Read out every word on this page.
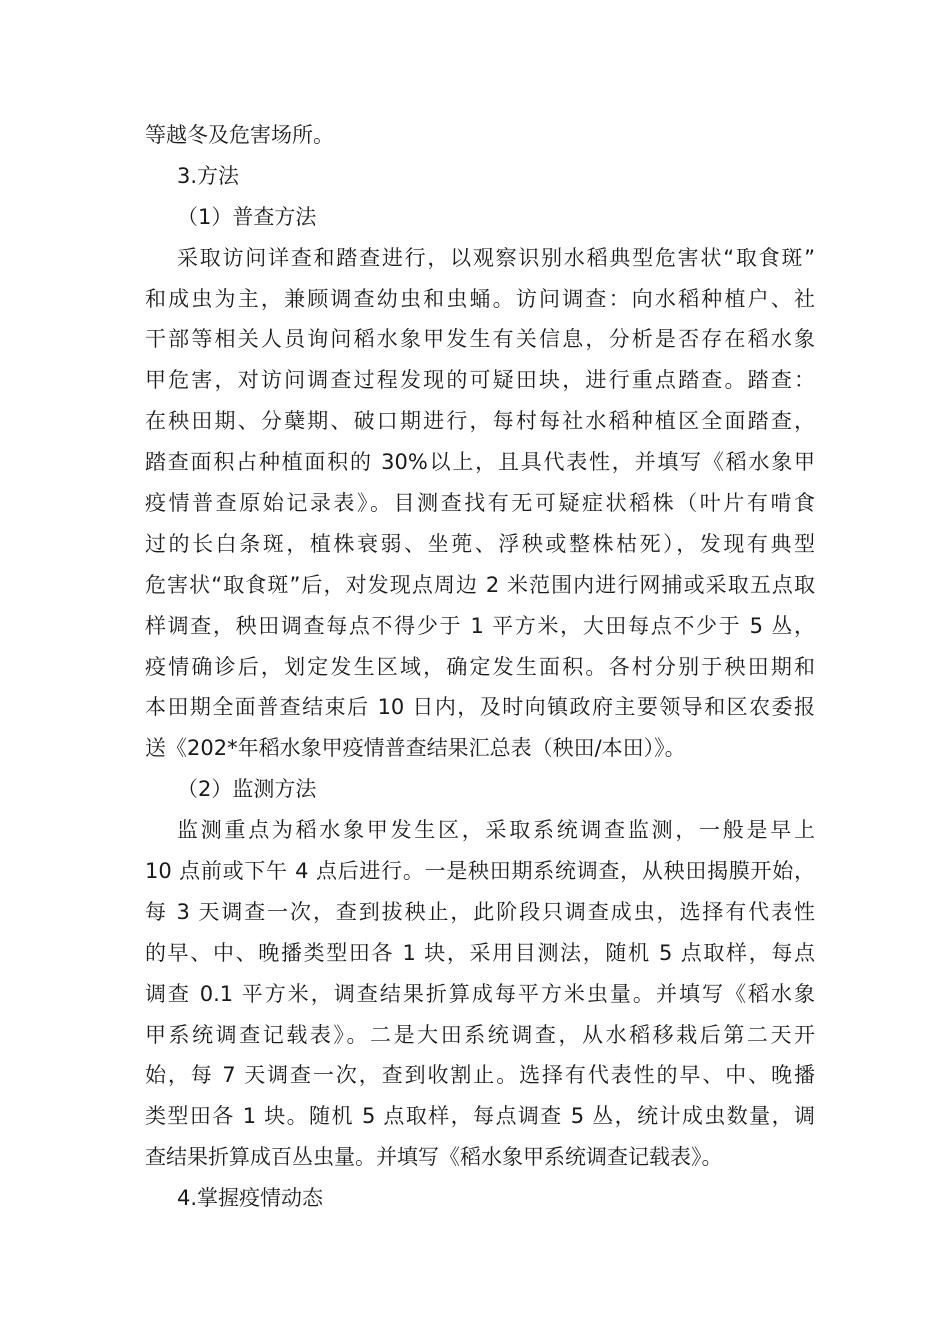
等越冬及危害场所。
3.方法
（1）普查方法
采取访问详查和踏查进行，以观察识别水稻典型危害状“取食斑”
和成虫为主，兼顾调查幼虫和虫蛹。访问调查：向水稻种植户、社
干部等相关人员询问稻水象甲发生有关信息，分析是否存在稻水象
甲危害，对访问调查过程发现的可疑田块，进行重点踏查。踏查：
在秧田期、分蘖期、破口期进行，每村每社水稻种植区全面踏查，
踏查面积占种植面积的 30%以上，且具代表性，并填写《稻水象甲
疫情普查原始记录表》。目测查找有无可疑症状稻株（叶片有啃食
过的长白条斑，植株衰弱、坐蔸、浮秧或整株枯死），发现有典型
危害状“取食斑”后，对发现点周边 2 米范围内进行网捕或采取五点取
样调查，秧田调查每点不得少于 1 平方米，大田每点不少于 5 丛，
疫情确诊后，划定发生区域，确定发生面积。各村分别于秧田期和
本田期全面普查结束后 10 日内，及时向镇政府主要领导和区农委报
送《202*年稻水象甲疫情普查结果汇总表（秧田/本田）》。
（2）监测方法
监测重点为稻水象甲发生区，采取系统调查监测，一般是早上
10 点前或下午 4 点后进行。一是秧田期系统调查，从秧田揭膜开始，
每 3 天调查一次，查到拔秧止，此阶段只调查成虫，选择有代表性
的早、中、晚播类型田各 1 块，采用目测法，随机 5 点取样，每点
调查 0.1 平方米，调查结果折算成每平方米虫量。并填写《稻水象
甲系统调查记载表》。二是大田系统调查，从水稻移栽后第二天开
始，每 7 天调查一次，查到收割止。选择有代表性的早、中、晚播
类型田各 1 块。随机 5 点取样，每点调查 5 丛，统计成虫数量，调
查结果折算成百丛虫量。并填写《稻水象甲系统调查记载表》。
4.掌握疫情动态
